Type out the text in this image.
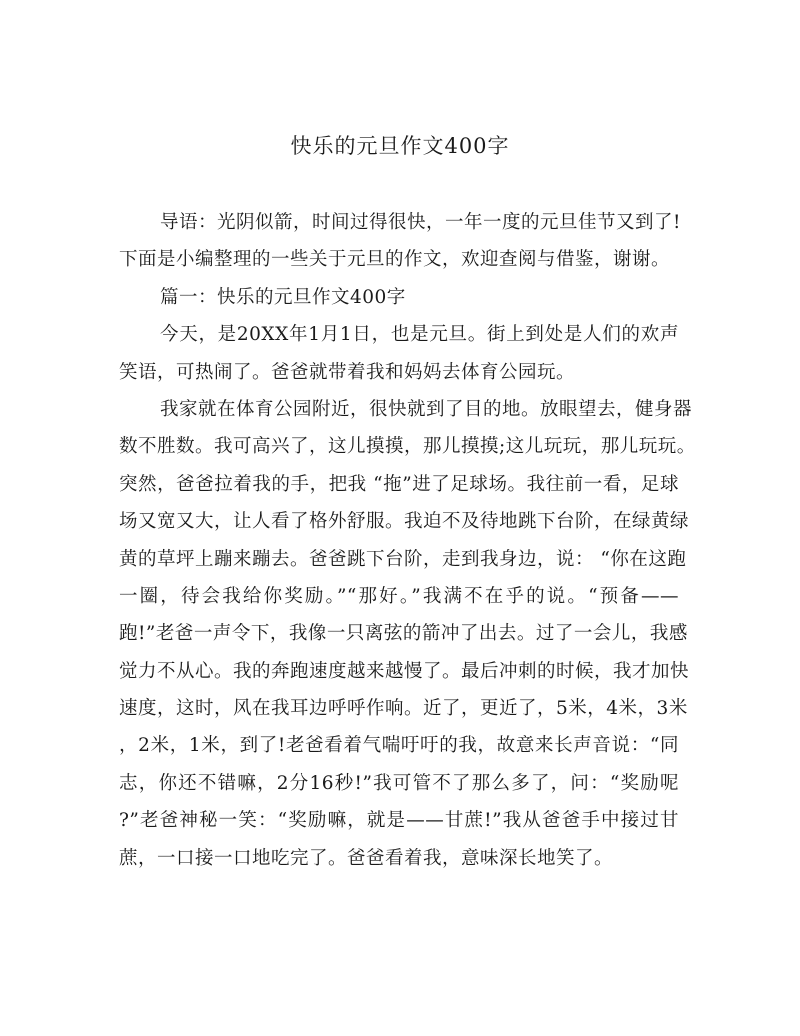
快乐的元旦作文400字
导语：光阴似箭，时间过得很快，一年一度的元旦佳节又到了!
下面是小编整理的一些关于元旦的作文，欢迎查阅与借鉴，谢谢。
篇一：快乐的元旦作文400字
今天，是20XX年1月1日，也是元旦。街上到处是人们的欢声
笑语，可热闹了。爸爸就带着我和妈妈去体育公园玩。
我家就在体育公园附近，很快就到了目的地。放眼望去，健身器
数不胜数。我可高兴了，这儿摸摸，那儿摸摸;这儿玩玩，那儿玩玩。
突然，爸爸拉着我的手，把我 “拖”进了足球场。我往前一看，足球
场又宽又大，让人看了格外舒服。我迫不及待地跳下台阶，在绿黄绿
黄的草坪上蹦来蹦去。爸爸跳下台阶，走到我身边，说： “你在这跑
一圈，待会我给你奖励。”“那好。”我满不在乎的说。“预备——
跑!”老爸一声令下，我像一只离弦的箭冲了出去。过了一会儿，我感
觉力不从心。我的奔跑速度越来越慢了。最后冲刺的时候，我才加快
速度，这时，风在我耳边呼呼作响。近了，更近了，5米，4米，3米
，2米，1米，到了!老爸看着气喘吁吁的我，故意来长声音说：“同
志，你还不错嘛，2分16秒!”我可管不了那么多了，问：“奖励呢
?”老爸神秘一笑：“奖励嘛，就是——甘蔗!”我从爸爸手中接过甘
蔗，一口接一口地吃完了。爸爸看着我，意味深长地笑了。
